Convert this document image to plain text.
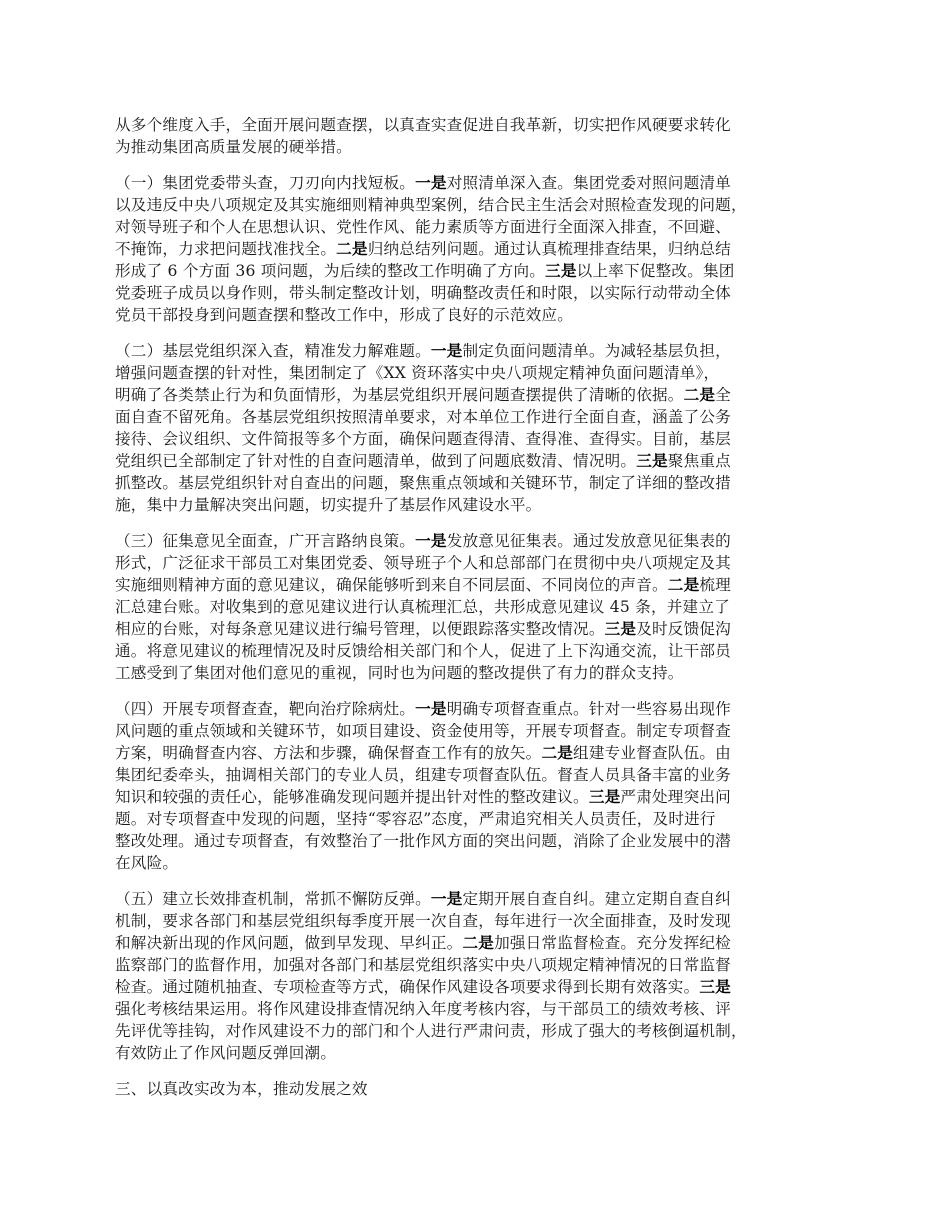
从多个维度入手，全面开展问题查摆，以真查实查促进自我革新，切实把作风硬要求转化
为推动集团高质量发展的硬举措。
（一）集团党委带头查，刀刃向内找短板。一是对照清单深入查。集团党委对照问题清单
以及违反中央八项规定及其实施细则精神典型案例，结合民主生活会对照检查发现的问题，
对领导班子和个人在思想认识、党性作风、能力素质等方面进行全面深入排查，不回避、
不掩饰，力求把问题找准找全。二是归纳总结列问题。通过认真梳理排查结果，归纳总结
形成了 6 个方面 36 项问题，为后续的整改工作明确了方向。三是以上率下促整改。集团
党委班子成员以身作则，带头制定整改计划，明确整改责任和时限，以实际行动带动全体
党员干部投身到问题查摆和整改工作中，形成了良好的示范效应。
（二）基层党组织深入查，精准发力解难题。一是制定负面问题清单。为减轻基层负担，
增强问题查摆的针对性，集团制定了《XX 资环落实中央八项规定精神负面问题清单》，
明确了各类禁止行为和负面情形，为基层党组织开展问题查摆提供了清晰的依据。二是全
面自查不留死角。各基层党组织按照清单要求，对本单位工作进行全面自查，涵盖了公务
接待、会议组织、文件简报等多个方面，确保问题查得清、查得准、查得实。目前，基层
党组织已全部制定了针对性的自查问题清单，做到了问题底数清、情况明。三是聚焦重点
抓整改。基层党组织针对自查出的问题，聚焦重点领域和关键环节，制定了详细的整改措
施，集中力量解决突出问题，切实提升了基层作风建设水平。
（三）征集意见全面查，广开言路纳良策。一是发放意见征集表。通过发放意见征集表的
形式，广泛征求干部员工对集团党委、领导班子个人和总部部门在贯彻中央八项规定及其
实施细则精神方面的意见建议，确保能够听到来自不同层面、不同岗位的声音。二是梳理
汇总建台账。对收集到的意见建议进行认真梳理汇总，共形成意见建议 45 条，并建立了
相应的台账，对每条意见建议进行编号管理，以便跟踪落实整改情况。三是及时反馈促沟
通。将意见建议的梳理情况及时反馈给相关部门和个人，促进了上下沟通交流，让干部员
工感受到了集团对他们意见的重视，同时也为问题的整改提供了有力的群众支持。
（四）开展专项督查查，靶向治疗除病灶。一是明确专项督查重点。针对一些容易出现作
风问题的重点领域和关键环节，如项目建设、资金使用等，开展专项督查。制定专项督查
方案，明确督查内容、方法和步骤，确保督查工作有的放矢。二是组建专业督查队伍。由
集团纪委牵头，抽调相关部门的专业人员，组建专项督查队伍。督查人员具备丰富的业务
知识和较强的责任心，能够准确发现问题并提出针对性的整改建议。三是严肃处理突出问
题。对专项督查中发现的问题，坚持“零容忍”态度，严肃追究相关人员责任，及时进行
整改处理。通过专项督查，有效整治了一批作风方面的突出问题，消除了企业发展中的潜
在风险。
（五）建立长效排查机制，常抓不懈防反弹。一是定期开展自查自纠。建立定期自查自纠
机制，要求各部门和基层党组织每季度开展一次自查，每年进行一次全面排查，及时发现
和解决新出现的作风问题，做到早发现、早纠正。二是加强日常监督检查。充分发挥纪检
监察部门的监督作用，加强对各部门和基层党组织落实中央八项规定精神情况的日常监督
检查。通过随机抽查、专项检查等方式，确保作风建设各项要求得到长期有效落实。三是
强化考核结果运用。将作风建设排查情况纳入年度考核内容，与干部员工的绩效考核、评
先评优等挂钩，对作风建设不力的部门和个人进行严肃问责，形成了强大的考核倒逼机制，
有效防止了作风问题反弹回潮。
三、以真改实改为本，推动发展之效
